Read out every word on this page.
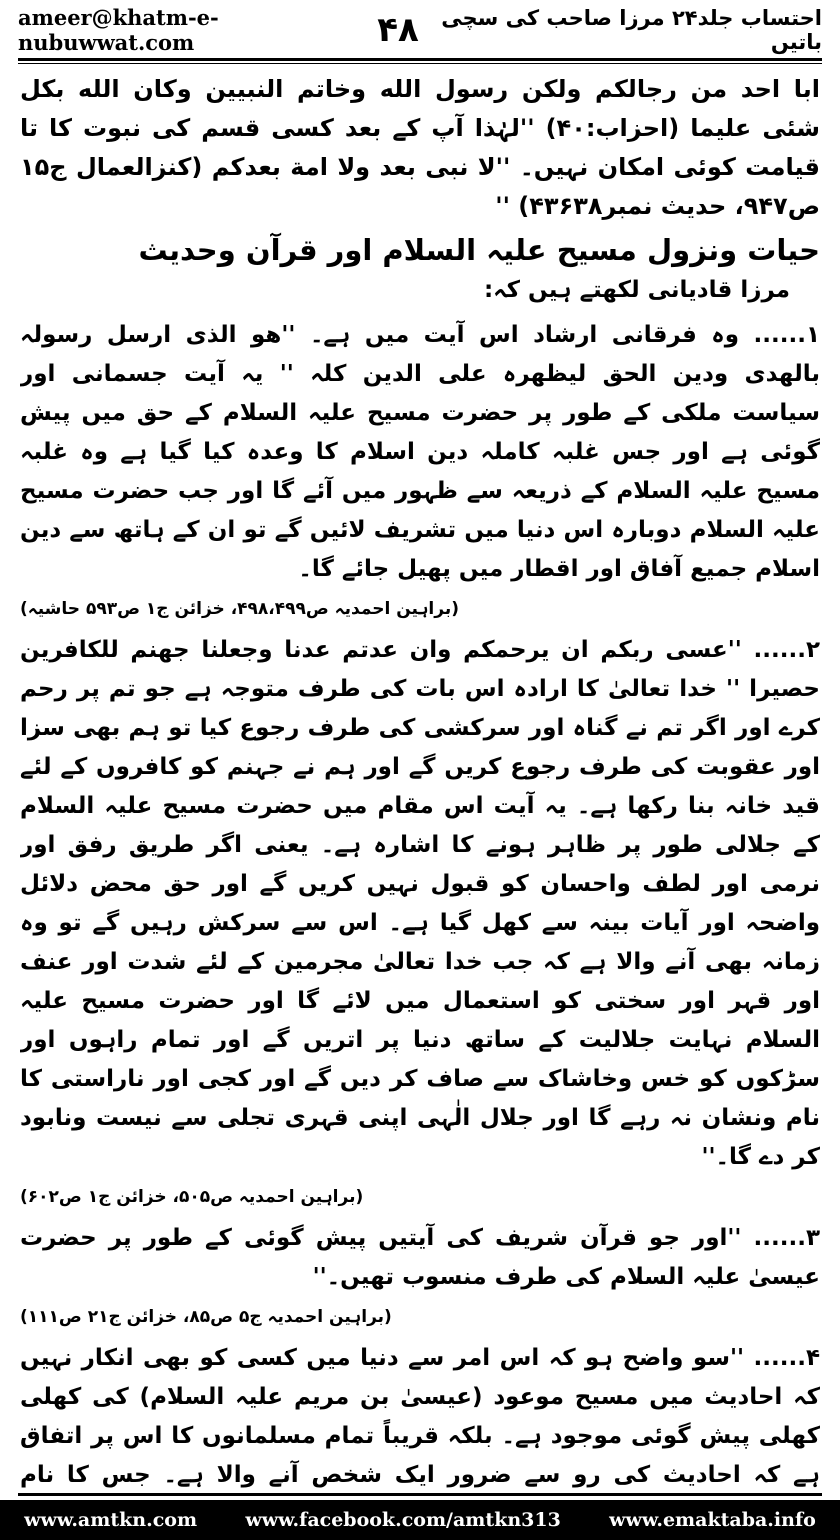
ameer@khatm-e-nubuwwat.com	۴۸	احتساب جلد۲۴ مرزا صاحب کی سچی باتیں

ابا احد من رجالکم ولکن رسول الله وخاتم النبیین وکان الله بکل شئی علیما (احزاب:۴۰) ''لہٰذا آپ کے بعد کسی قسم کی نبوت کا تا قیامت کوئی امکان نہیں۔ ''لا نبی بعد ولا امة بعدکم (کنزالعمال ج۱۵ ص۹۴۷، حدیث نمبر۴۳۶۳۸) ''

حیات ونزول مسیح علیہ السلام اور قرآن وحدیث

مرزا قادیانی لکھتے ہیں کہ:

۱...... وہ فرقانی ارشاد اس آیت میں ہے۔ ''ھو الذی ارسل رسولہ بالھدی ودین الحق لیظھرہ علی الدین کلہ '' یہ آیت جسمانی اور سیاست ملکی کے طور پر حضرت مسیح علیہ السلام کے حق میں پیش گوئی ہے اور جس غلبہ کاملہ دین اسلام کا وعدہ کیا گیا ہے وہ غلبہ مسیح علیہ السلام کے ذریعہ سے ظہور میں آئے گا اور جب حضرت مسیح علیہ السلام دوبارہ اس دنیا میں تشریف لائیں گے تو ان کے ہاتھ سے دین اسلام جمیع آفاق اور اقطار میں پھیل جائے گا۔

(براہین احمدیہ ص۴۹۸،۴۹۹، خزائن ج۱ ص۵۹۳ حاشیہ)

۲...... ''عسی ربکم ان یرحمکم وان عدتم عدنا وجعلنا جھنم للکافرین حصیرا '' خدا تعالیٰ کا ارادہ اس بات کی طرف متوجہ ہے جو تم پر رحم کرے اور اگر تم نے گناہ اور سرکشی کی طرف رجوع کیا تو ہم بھی سزا اور عقوبت کی طرف رجوع کریں گے اور ہم نے جہنم کو کافروں کے لئے قید خانہ بنا رکھا ہے۔ یہ آیت اس مقام میں حضرت مسیح علیہ السلام کے جلالی طور پر ظاہر ہونے کا اشارہ ہے۔ یعنی اگر طریق رفق اور نرمی اور لطف واحسان کو قبول نہیں کریں گے اور حق محض دلائل واضحہ اور آیات بینہ سے کھل گیا ہے۔ اس سے سرکش رہیں گے تو وہ زمانہ بھی آنے والا ہے کہ جب خدا تعالیٰ مجرمین کے لئے شدت اور عنف اور قہر اور سختی کو استعمال میں لائے گا اور حضرت مسیح علیہ السلام نہایت جلالیت کے ساتھ دنیا پر اتریں گے اور تمام راہوں اور سڑکوں کو خس وخاشاک سے صاف کر دیں گے اور کجی اور ناراستی کا نام ونشان نہ رہے گا اور جلال الٰہی اپنی قہری تجلی سے نیست ونابود کر دے گا۔''

(براہین احمدیہ ص۵۰۵، خزائن ج۱ ص۶۰۲)

۳...... ''اور جو قرآن شریف کی آیتیں پیش گوئی کے طور پر حضرت عیسیٰ علیہ السلام کی طرف منسوب تھیں۔''

(براہین احمدیہ ج۵ ص۸۵، خزائن ج۲۱ ص۱۱۱)

۴...... ''سو واضح ہو کہ اس امر سے دنیا میں کسی کو بھی انکار نہیں کہ احادیث میں مسیح موعود (عیسیٰ بن مریم علیہ السلام) کی کھلی کھلی پیش گوئی موجود ہے۔ بلکہ قریباً تمام مسلمانوں کا اس پر اتفاق ہے کہ احادیث کی رو سے ضرور ایک شخص آنے والا ہے۔ جس کا نام

www.amtkn.com	www.facebook.com/amtkn313	www.emaktaba.info
